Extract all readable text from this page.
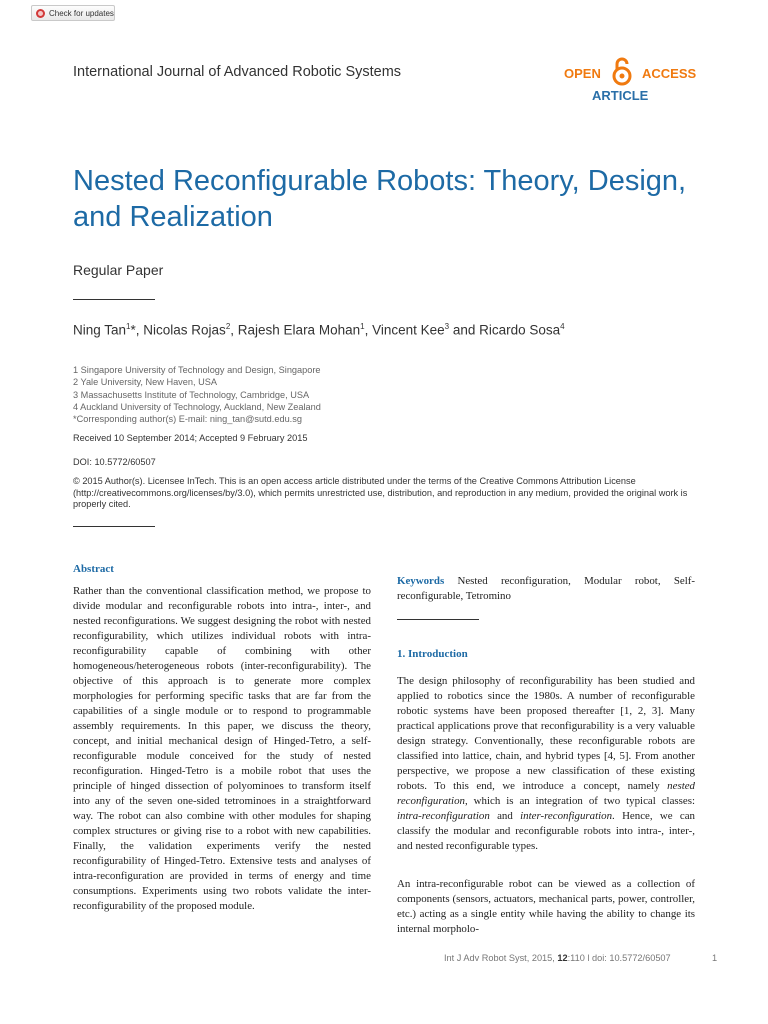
Check for updates
International Journal of Advanced Robotic Systems	OPEN	ACCESS
ARTICLE
Nested Reconfigurable Robots: Theory, Design, and Realization
Regular Paper
Ning Tan$^1$*, Nicolas Rojas$^2$, Rajesh Elara Mohan$^1$, Vincent Kee$^3$ and Ricardo Sosa$^4$
1 Singapore University of Technology and Design, Singapore
2 Yale University, New Haven, USA
3 Massachusetts Institute of Technology, Cambridge, USA
4 Auckland University of Technology, Auckland, New Zealand
*Corresponding author(s) E-mail: ning_tan@sutd.edu.sg
Received 10 September 2014; Accepted 9 February 2015
DOI: 10.5772/60507
© 2015 Author(s). Licensee InTech. This is an open access article distributed under the terms of the Creative Commons Attribution License (http://creativecommons.org/licenses/by/3.0), which permits unrestricted use, distribution, and reproduction in any medium, provided the original work is properly cited.
Abstract
Rather than the conventional classification method, we propose to divide modular and reconfigurable robots into intra-, inter-, and nested reconfigurations. We suggest designing the robot with nested reconfigurability, which utilizes individual robots with intra-reconfigurability capable of combining with other homogeneous/heterogeneous robots (inter-reconfigurability). The objective of this approach is to generate more complex morphologies for performing specific tasks that are far from the capabilities of a single module or to respond to programmable assembly requirements. In this paper, we discuss the theory, concept, and initial mechanical design of Hinged-Tetro, a self-reconfigurable module conceived for the study of nested reconfiguration. Hinged-Tetro is a mobile robot that uses the principle of hinged dissection of polyominoes to transform itself into any of the seven one-sided tetrominoes in a straightforward way. The robot can also combine with other modules for shaping complex structures or giving rise to a robot with new capabilities. Finally, the validation experiments verify the nested reconfigurability of Hinged-Tetro. Extensive tests and analyses of intra-reconfiguration are provided in terms of energy and time consumptions. Experiments using two robots validate the inter-reconfigurability of the proposed module.
Keywords Nested reconfiguration, Modular robot, Self-reconfigurable, Tetromino
1. Introduction
The design philosophy of reconfigurability has been studied and applied to robotics since the 1980s. A number of reconfigurable robotic systems have been proposed thereafter [1, 2, 3]. Many practical applications prove that reconfigurability is a very valuable design strategy. Conventionally, these reconfigurable robots are classified into lattice, chain, and hybrid types [4, 5]. From another perspective, we propose a new classification of these existing robots. To this end, we introduce a concept, namely nested reconfiguration, which is an integration of two typical classes: intra-reconfiguration and inter-reconfiguration. Hence, we can classify the modular and reconfigurable robots into intra-, inter-, and nested reconfigurable types.
An intra-reconfigurable robot can be viewed as a collection of components (sensors, actuators, mechanical parts, power, controller, etc.) acting as a single entity while having the ability to change its internal morpholo-
Int J Adv Robot Syst, 2015, 12:110 l doi: 10.5772/60507	1
